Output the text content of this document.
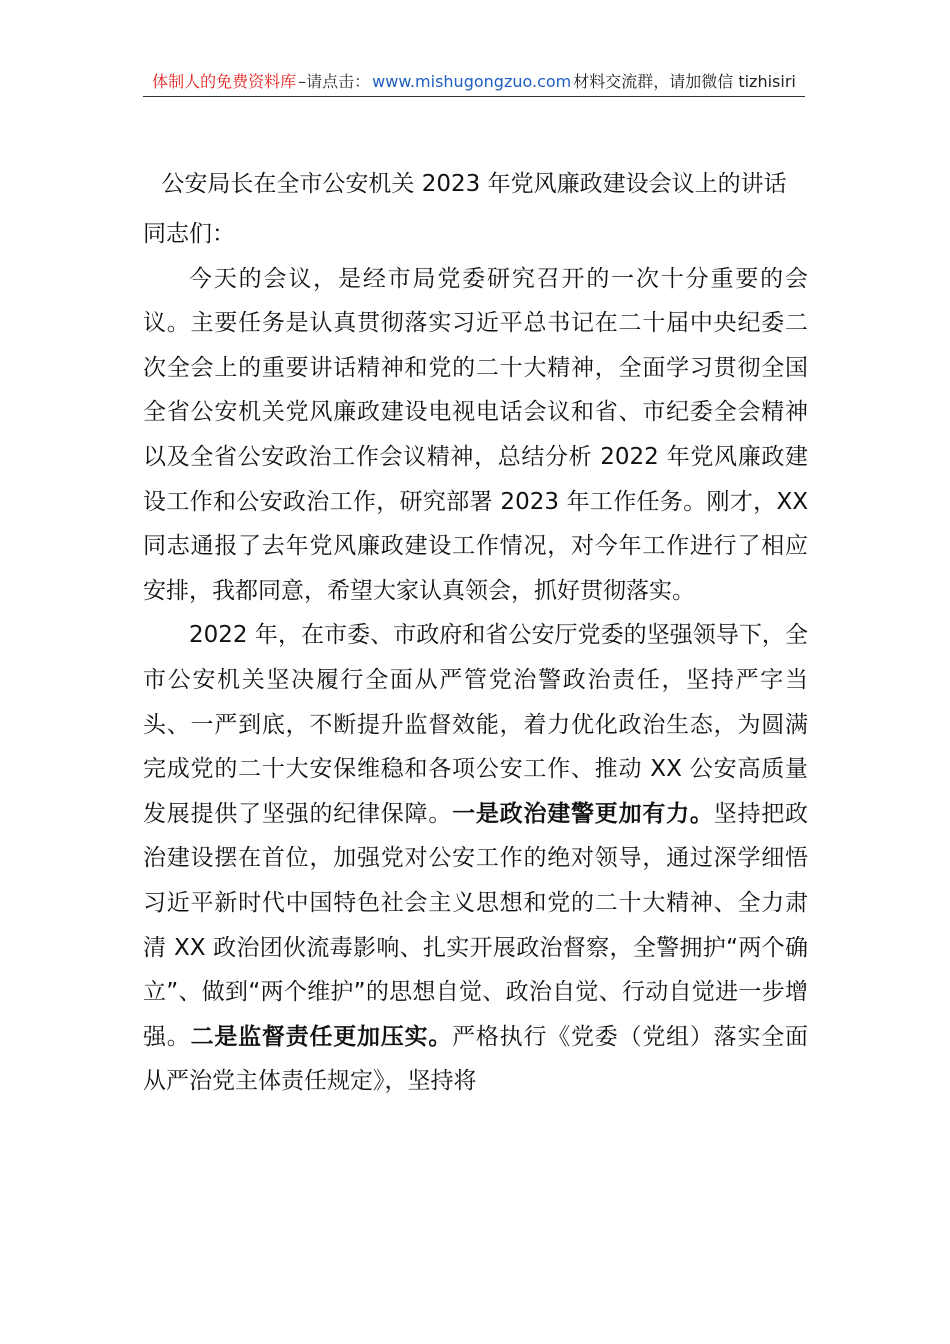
体制人的免费资料库 –请点击： www.mishugongzuo.com 材料交流群，请加微信 tizhisiri
公安局长在全市公安机关 2023 年党风廉政建设会议上的讲话

同志们：

今天的会议，是经市局党委研究召开的一次十分重要的会议。主要任务是认真贯彻落实习近平总书记在二十届中央纪委二次全会上的重要讲话精神和党的二十大精神，全面学习贯彻全国全省公安机关党风廉政建设电视电话会议和省、市纪委全会精神以及全省公安政治工作会议精神，总结分析 2022 年党风廉政建设工作和公安政治工作，研究部署 2023 年工作任务。刚才，XX 同志通报了去年党风廉政建设工作情况，对今年工作进行了相应安排，我都同意，希望大家认真领会，抓好贯彻落实。

2022 年，在市委、市政府和省公安厅党委的坚强领导下，全市公安机关坚决履行全面从严管党治警政治责任，坚持严字当头、一严到底，不断提升监督效能，着力优化政治生态，为圆满完成党的二十大安保维稳和各项公安工作、推动 XX 公安高质量发展提供了坚强的纪律保障。一是政治建警更加有力。坚持把政治建设摆在首位，加强党对公安工作的绝对领导，通过深学细悟习近平新时代中国特色社会主义思想和党的二十大精神、全力肃清 XX 政治团伙流毒影响、扎实开展政治督察，全警拥护“两个确立”、做到“两个维护”的思想自觉、政治自觉、行动自觉进一步增强。二是监督责任更加压实。严格执行《党委（党组）落实全面从严治党主体责任规定》，坚持将
